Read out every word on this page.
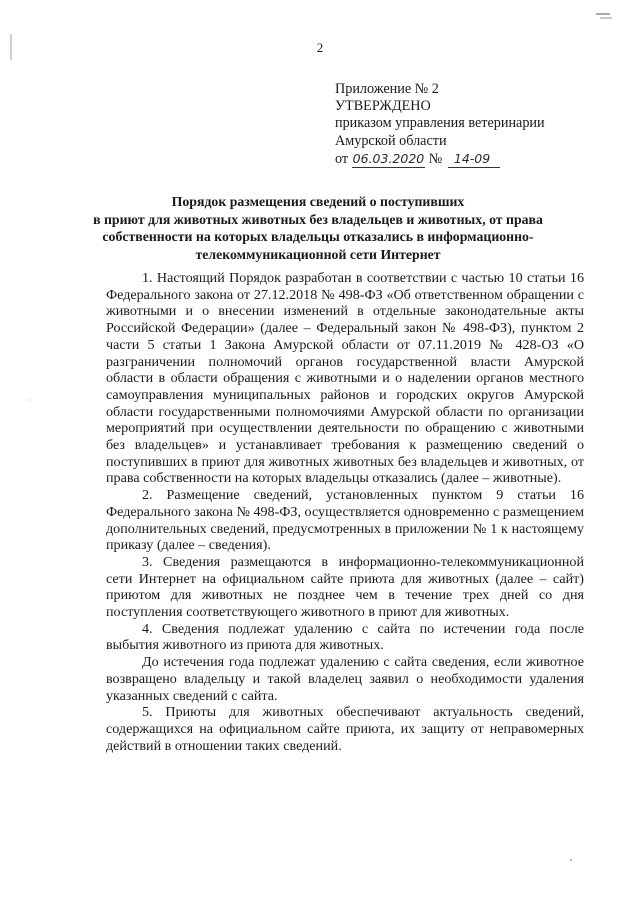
2
Приложение № 2
УТВЕРЖДЕНО
приказом управления ветеринарии
Амурской области
от 06.03.2020 № 14-09
Порядок размещения сведений о поступивших
в приют для животных животных без владельцев и животных, от права
собственности на которых владельцы отказались в информационно-
телекоммуникационной сети Интернет

1. Настоящий Порядок разработан в соответствии с частью 10 статьи 16 Федерального закона от 27.12.2018 № 498-ФЗ «Об ответственном обращении с животными и о внесении изменений в отдельные законодательные акты Российской Федерации» (далее – Федеральный закон № 498-ФЗ), пунктом 2 части 5 статьи 1 Закона Амурской области от 07.11.2019 № 428-ОЗ «О разграничении полномочий органов государственной власти Амурской области в области обращения с животными и о наделении органов местного самоуправления муниципальных районов и городских округов Амурской области государственными полномочиями Амурской области по организации мероприятий при осуществлении деятельности по обращению с животными без владельцев» и устанавливает требования к размещению сведений о поступивших в приют для животных животных без владельцев и животных, от права собственности на которых владельцы отказались (далее – животные).

2. Размещение сведений, установленных пунктом 9 статьи 16 Федерального закона № 498-ФЗ, осуществляется одновременно с размещением дополнительных сведений, предусмотренных в приложении № 1 к настоящему приказу (далее – сведения).

3. Сведения размещаются в информационно-телекоммуникационной сети Интернет на официальном сайте приюта для животных (далее – сайт) приютом для животных не позднее чем в течение трех дней со дня поступления соответствующего животного в приют для животных.

4. Сведения подлежат удалению с сайта по истечении года после выбытия животного из приюта для животных.

До истечения года подлежат удалению с сайта сведения, если животное возвращено владельцу и такой владелец заявил о необходимости удаления указанных сведений с сайта.

5. Приюты для животных обеспечивают актуальность сведений, содержащихся на официальном сайте приюта, их защиту от неправомерных действий в отношении таких сведений.
